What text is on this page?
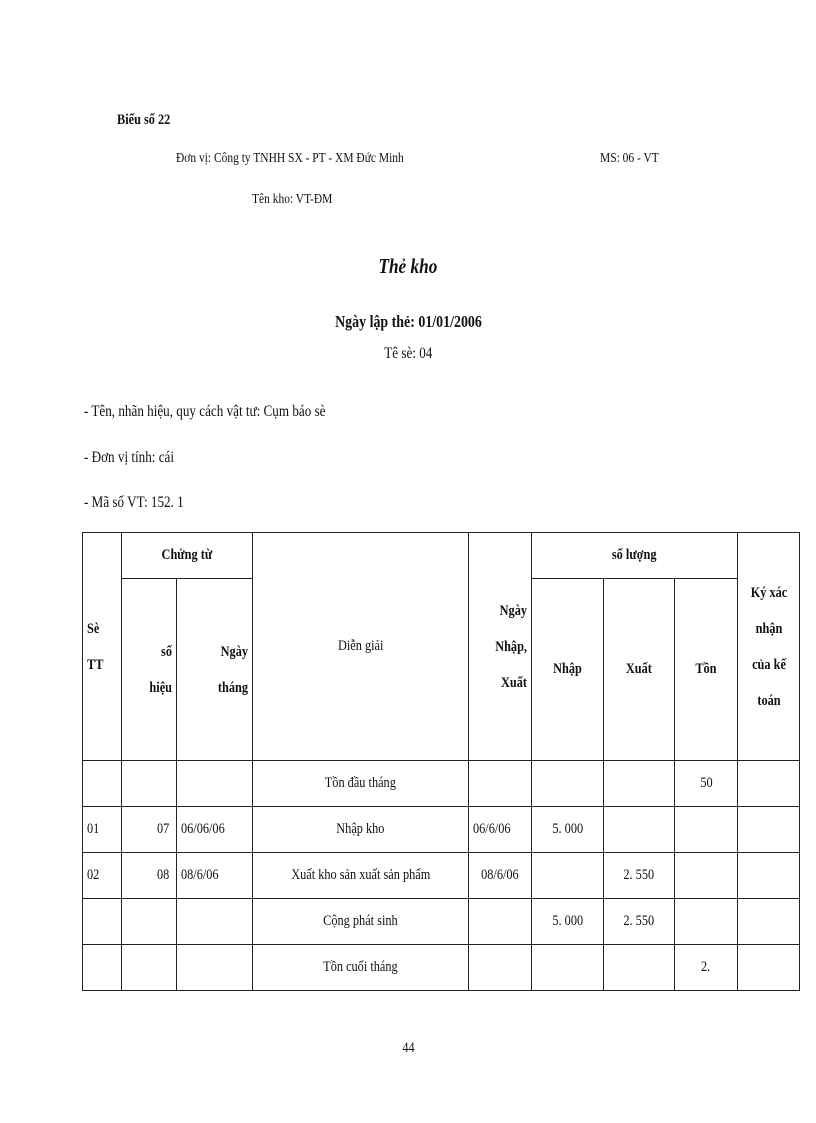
Biểu số 22
Đơn vị: Công ty TNHH SX - PT - XM Đức Minh	MS: 06 - VT
Tên kho: VT-ĐM
Thẻ kho
Ngày lập thẻ: 01/01/2006
Tê sè: 04
- Tên, nhãn hiệu, quy cách vật tư: Cụm báo sè
- Đơn vị tính: cái
- Mã số VT: 152. 1
Sè TT	Chứng từ		Diễn giải	Ngày Nhập, Xuất	số lượng			Ký xác nhận của kế toán
	số hiệu	Ngày tháng			Nhập	Xuất	Tồn	
			Tồn đầu tháng				50	
01	07	06/06/06	Nhập kho	06/6/06	5. 000			
02	08	08/6/06	Xuất kho sản xuất sản phẩm	08/6/06		2. 550		
			Cộng phát sinh		5. 000	2. 550		
			Tồn cuối tháng				2.	
44
